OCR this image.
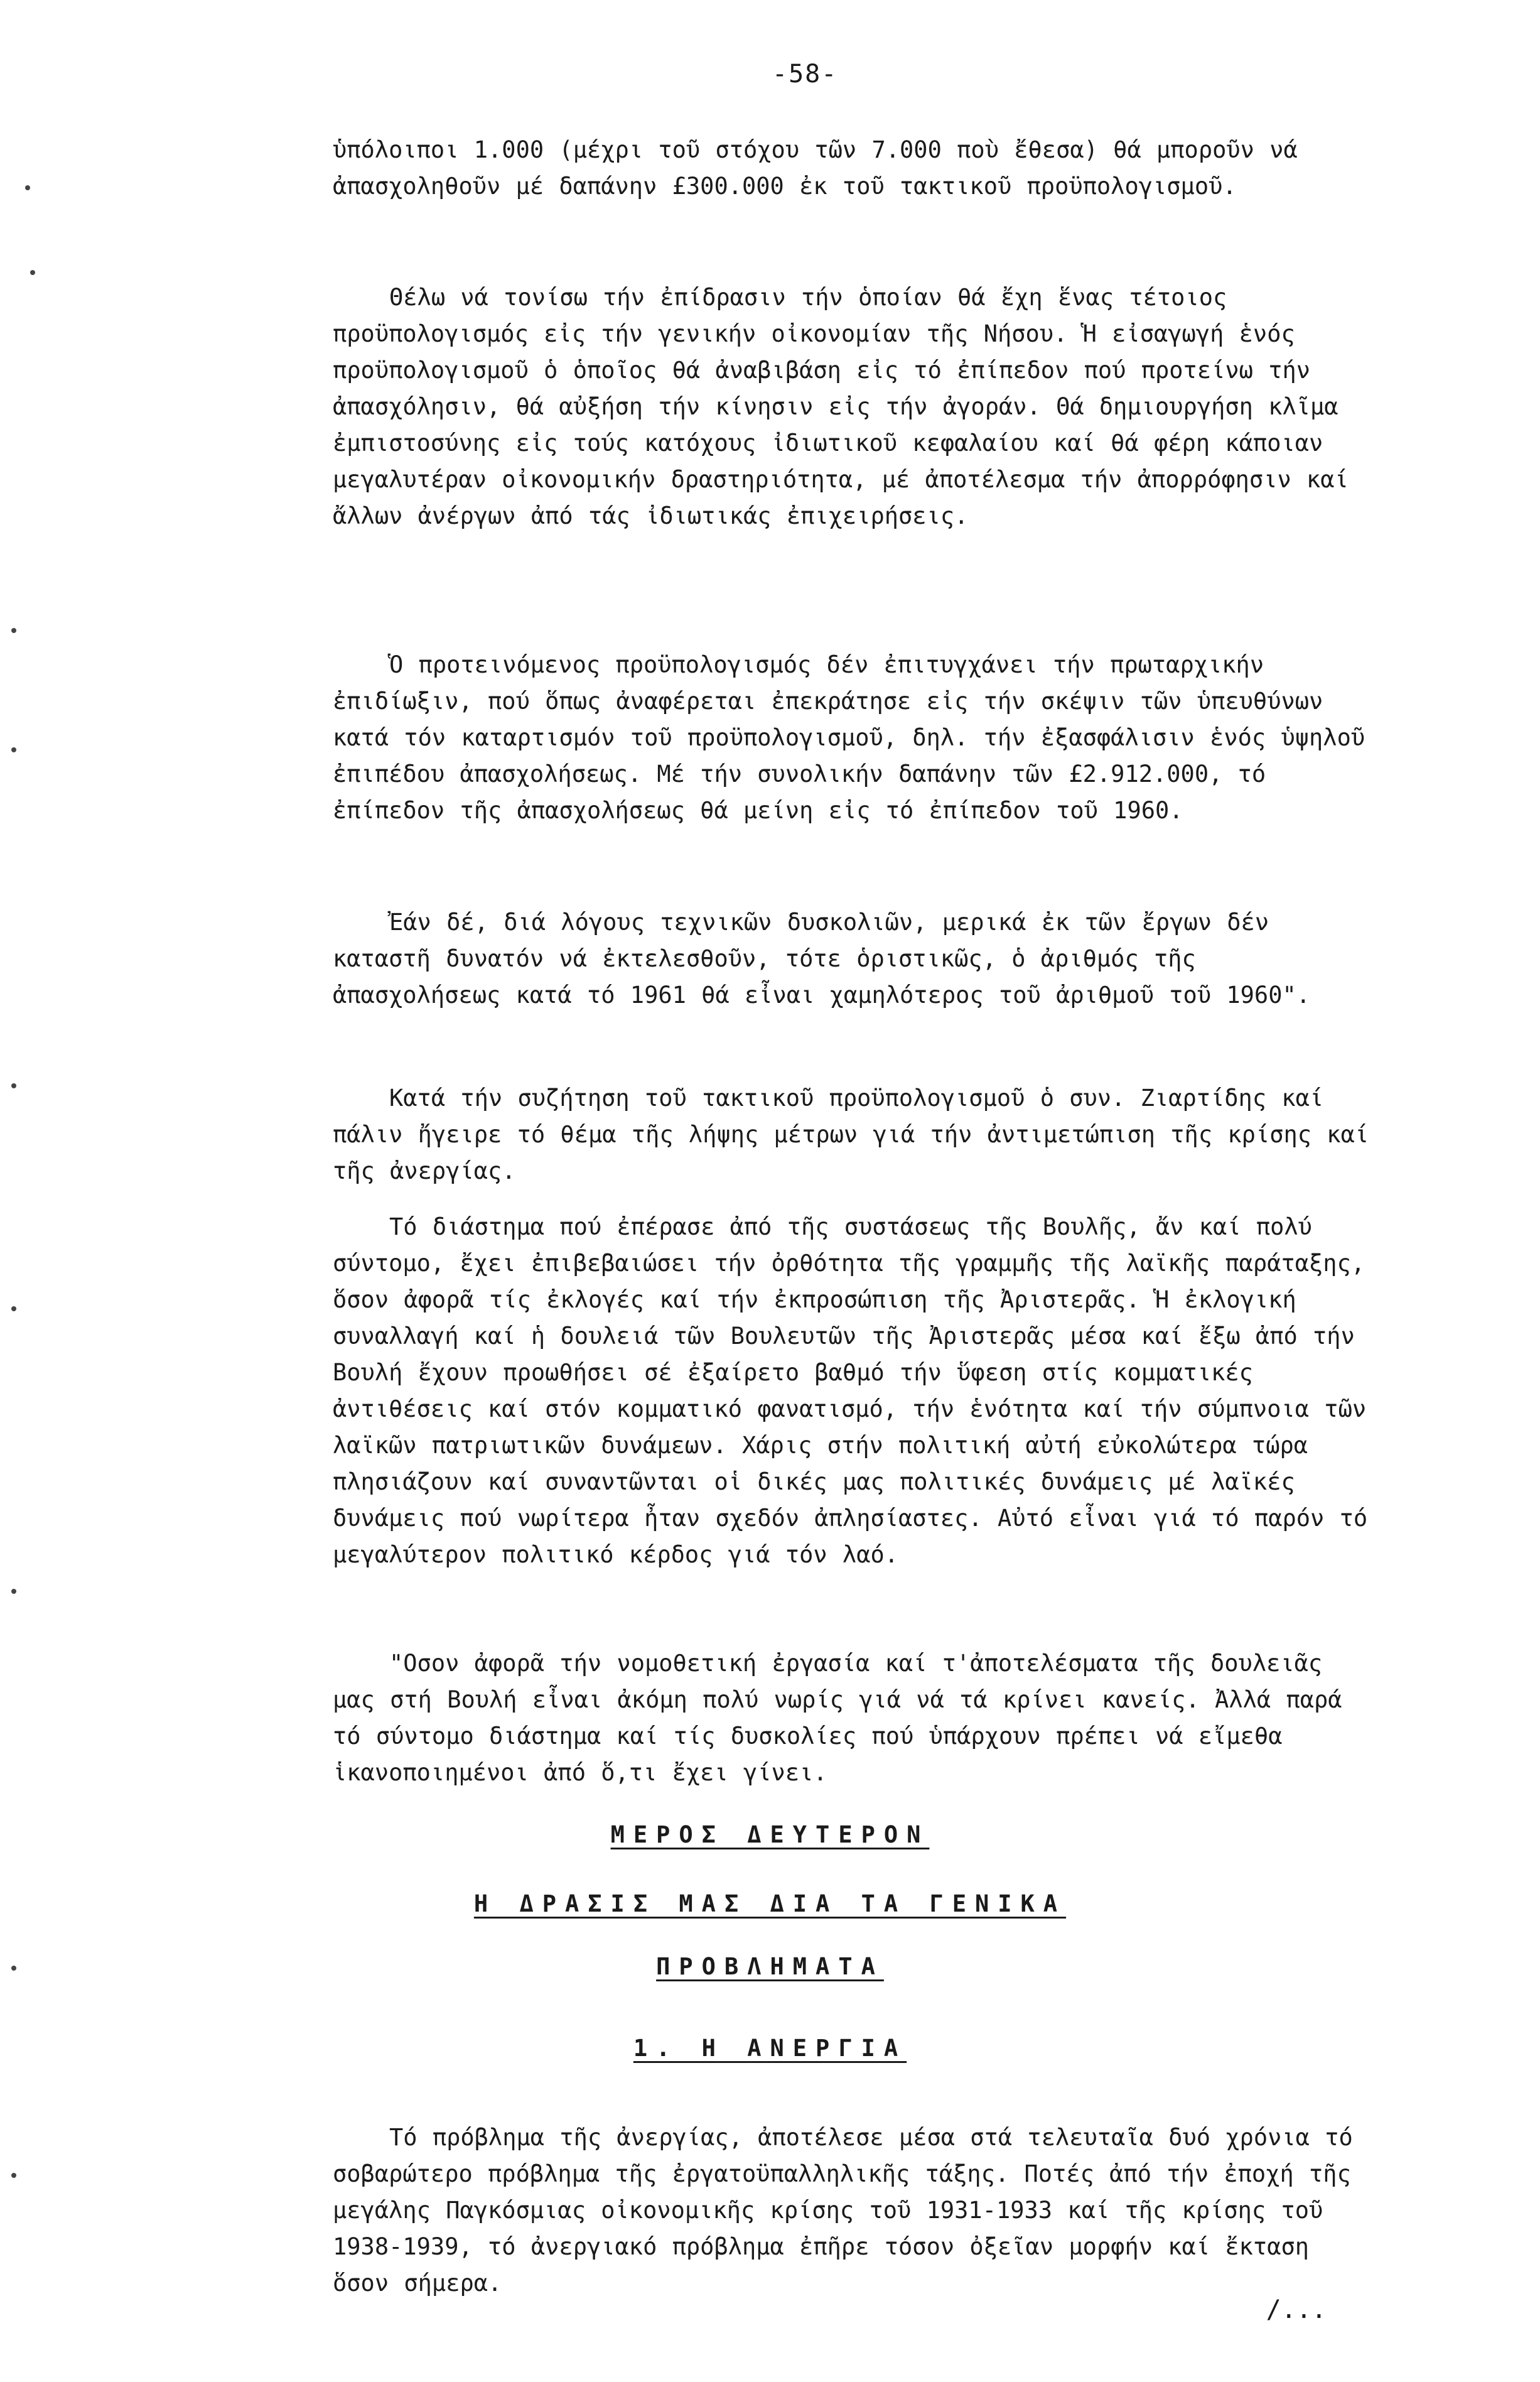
-58-

ὑπόλοιποι 1.000 (μέχρι τοῦ στόχου τῶν 7.000 ποὺ ἔθεσα) θά μποροῦν νά ἀπασχοληθοῦν μέ δαπάνην £300.000 ἐκ τοῦ τακτικοῦ προϋπολογισμοῦ.

Θέλω νά τονίσω τήν ἐπίδρασιν τήν ὁποίαν θά ἔχη ἕνας τέτοιος προϋπολογισμός εἰς τήν γενικήν οἰκονομίαν τῆς Νήσου. Ἡ εἰσαγωγή ἑνός προϋπολογισμοῦ ὁ ὁποῖος θά ἀναβιβάση εἰς τό ἐπίπεδον πού προτείνω τήν ἀπασχόλησιν, θά αὐξήση τήν κίνησιν εἰς τήν ἀγοράν. Θά δημιουργήση κλῖμα ἐμπιστοσύνης εἰς τούς κατόχους ἰδιωτικοῦ κεφαλαίου καί θά φέρη κάποιαν μεγαλυτέραν οἰκονομικήν δραστηριότητα, μέ ἀποτέλεσμα τήν ἀπορρόφησιν καί ἄλλων ἀνέργων ἀπό τάς ἰδιωτικάς ἐπιχειρήσεις.

Ὁ προτεινόμενος προϋπολογισμός δέν ἐπιτυγχάνει τήν πρωταρχικήν ἐπιδίωξιν, πού ὅπως ἀναφέρεται ἐπεκράτησε εἰς τήν σκέψιν τῶν ὑπευθύνων κατά τόν καταρτισμόν τοῦ προϋπολογισμοῦ, δηλ. τήν ἐξασφάλισιν ἑνός ὑψηλοῦ ἐπιπέδου ἀπασχολήσεως. Μέ τήν συνολικήν δαπάνην τῶν £2.912.000, τό ἐπίπεδον τῆς ἀπασχολήσεως θά μείνη εἰς τό ἐπίπεδον τοῦ 1960.

Ἐάν δέ, διά λόγους τεχνικῶν δυσκολιῶν, μερικά ἐκ τῶν ἔργων δέν καταστῆ δυνατόν νά ἐκτελεσθοῦν, τότε ὁριστικῶς, ὁ ἀριθμός τῆς ἀπασχολήσεως κατά τό 1961 θά εἶναι χαμηλότερος τοῦ ἀριθμοῦ τοῦ 1960".

Κατά τήν συζήτηση τοῦ τακτικοῦ προϋπολογισμοῦ ὁ συν. Ζιαρτίδης καί πάλιν ἤγειρε τό θέμα τῆς λήψης μέτρων γιά τήν ἀντιμετώπιση τῆς κρίσης καί τῆς ἀνεργίας.

Τό διάστημα πού ἐπέρασε ἀπό τῆς συστάσεως τῆς Βουλῆς, ἄν καί πολύ σύντομο, ἔχει ἐπιβεβαιώσει τήν ὀρθότητα τῆς γραμμῆς τῆς λαϊκῆς παράταξης, ὅσον ἀφορᾶ τίς ἐκλογές καί τήν ἐκπροσώπιση τῆς Ἀριστερᾶς. Ἡ ἐκλογική συναλλαγή καί ἡ δουλειά τῶν Βουλευτῶν τῆς Ἀριστερᾶς μέσα καί ἔξω ἀπό τήν Βουλή ἔχουν προωθήσει σέ ἐξαίρετο βαθμό τήν ὕφεση στίς κομματικές ἀντιθέσεις καί στόν κομματικό φανατισμό, τήν ἑνότητα καί τήν σύμπνοια τῶν λαϊκῶν πατριωτικῶν δυνάμεων. Χάρις στήν πολιτική αὐτή εὐκολώτερα τώρα πλησιάζουν καί συναντῶνται οἱ δικές μας πολιτικές δυνάμεις μέ λαϊκές δυνάμεις πού νωρίτερα ἦταν σχεδόν ἀπλησίαστες. Αὐτό εἶναι γιά τό παρόν τό μεγαλύτερον πολιτικό κέρδος γιά τόν λαό.

"Οσον ἀφορᾶ τήν νομοθετική ἐργασία καί τ'ἀποτελέσματα τῆς δουλειᾶς μας στή Βουλή εἶναι ἀκόμη πολύ νωρίς γιά νά τά κρίνει κανείς. Ἀλλά παρά τό σύντομο διάστημα καί τίς δυσκολίες πού ὑπάρχουν πρέπει νά εἴμεθα ἱκανοποιημένοι ἀπό ὅ,τι ἔχει γίνει.

ΜΕΡΟΣ ΔΕΥΤΕΡΟΝ
Η ΔΡΑΣΙΣ ΜΑΣ ΔΙΑ ΤΑ ΓΕΝΙΚΑ
ΠΡΟΒΛΗΜΑΤΑ
1. Η ΑΝΕΡΓΙΑ

Τό πρόβλημα τῆς ἀνεργίας, ἀποτέλεσε μέσα στά τελευταῖα δυό χρόνια τό σοβαρώτερο πρόβλημα τῆς ἐργατοϋπαλληλικῆς τάξης. Ποτές ἀπό τήν ἐποχή τῆς μεγάλης Παγκόσμιας οἰκονομικῆς κρίσης τοῦ 1931-1933 καί τῆς κρίσης τοῦ 1938-1939, τό ἀνεργιακό πρόβλημα ἐπῆρε τόσον ὀξεῖαν μορφήν καί ἔκταση ὅσον σήμερα.

/...
